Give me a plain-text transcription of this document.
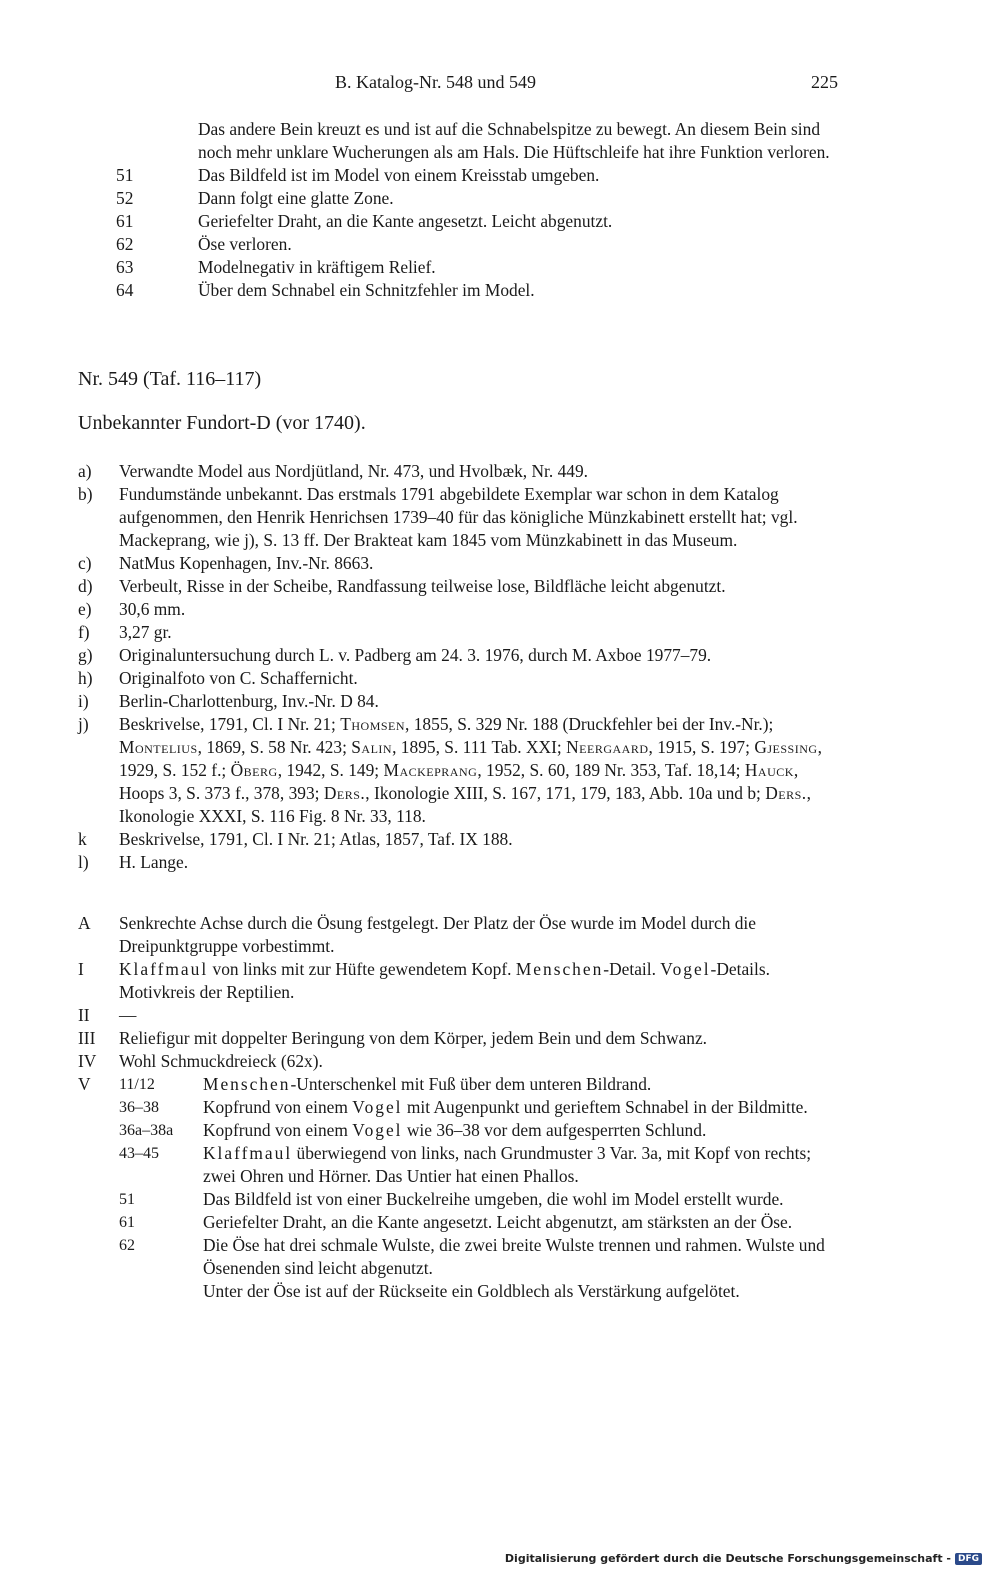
B. Katalog-Nr. 548 und 549	225
Das andere Bein kreuzt es und ist auf die Schnabelspitze zu bewegt. An diesem Bein sind noch mehr unklare Wucherungen als am Hals. Die Hüftschleife hat ihre Funktion verloren.
51	Das Bildfeld ist im Model von einem Kreisstab umgeben.
52	Dann folgt eine glatte Zone.
61	Geriefelter Draht, an die Kante angesetzt. Leicht abgenutzt.
62	Öse verloren.
63	Modelnegativ in kräftigem Relief.
64	Über dem Schnabel ein Schnitzfehler im Model.
Nr. 549 (Taf. 116–117)
Unbekannter Fundort-D (vor 1740).
a)	Verwandte Model aus Nordjütland, Nr. 473, und Hvolbæk, Nr. 449.
b)	Fundumstände unbekannt. Das erstmals 1791 abgebildete Exemplar war schon in dem Katalog aufgenommen, den Henrik Henrichsen 1739–40 für das königliche Münzkabinett erstellt hat; vgl. Mackeprang, wie j), S. 13 ff. Der Brakteat kam 1845 vom Münzkabinett in das Museum.
c)	NatMus Kopenhagen, Inv.-Nr. 8663.
d)	Verbeult, Risse in der Scheibe, Randfassung teilweise lose, Bildfläche leicht abgenutzt.
e)	30,6 mm.
f)	3,27 gr.
g)	Originaluntersuchung durch L. v. Padberg am 24. 3. 1976, durch M. Axboe 1977–79.
h)	Originalfoto von C. Schaffernicht.
i)	Berlin-Charlottenburg, Inv.-Nr. D 84.
j)	Beskrivelse, 1791, Cl. I Nr. 21; Thomsen, 1855, S. 329 Nr. 188 (Druckfehler bei der Inv.-Nr.); Montelius, 1869, S. 58 Nr. 423; Salin, 1895, S. 111 Tab. XXI; Neergaard, 1915, S. 197; Gjessing, 1929, S. 152 f.; Öberg, 1942, S. 149; Mackeprang, 1952, S. 60, 189 Nr. 353, Taf. 18,14; Hauck, Hoops 3, S. 373 f., 378, 393; Ders., Ikonologie XIII, S. 167, 171, 179, 183, Abb. 10a und b; Ders., Ikonologie XXXI, S. 116 Fig. 8 Nr. 33, 118.
k	Beskrivelse, 1791, Cl. I Nr. 21; Atlas, 1857, Taf. IX 188.
l)	H. Lange.
A	Senkrechte Achse durch die Ösung festgelegt. Der Platz der Öse wurde im Model durch die Dreipunktgruppe vorbestimmt.
I	Klaffmaul von links mit zur Hüfte gewendetem Kopf. Menschen-Detail. Vogel-Details. Motivkreis der Reptilien.
II	—
III	Reliefigur mit doppelter Beringung von dem Körper, jedem Bein und dem Schwanz.
IV	Wohl Schmuckdreieck (62x).
V	11/12	Menschen-Unterschenkel mit Fuß über dem unteren Bildrand.
36–38	Kopfrund von einem Vogel mit Augenpunkt und gerieftem Schnabel in der Bildmitte.
36a–38a	Kopfrund von einem Vogel wie 36–38 vor dem aufgesperrten Schlund.
43–45	Klaffmaul überwiegend von links, nach Grundmuster 3 Var. 3a, mit Kopf von rechts; zwei Ohren und Hörner. Das Untier hat einen Phallos.
51	Das Bildfeld ist von einer Buckelreihe umgeben, die wohl im Model erstellt wurde.
61	Geriefelter Draht, an die Kante angesetzt. Leicht abgenutzt, am stärksten an der Öse.
62	Die Öse hat drei schmale Wulste, die zwei breite Wulste trennen und rahmen. Wulste und Ösenenden sind leicht abgenutzt.
Unter der Öse ist auf der Rückseite ein Goldblech als Verstärkung aufgelötet.
Digitalisierung gefördert durch die Deutsche Forschungsgemeinschaft - DFG
